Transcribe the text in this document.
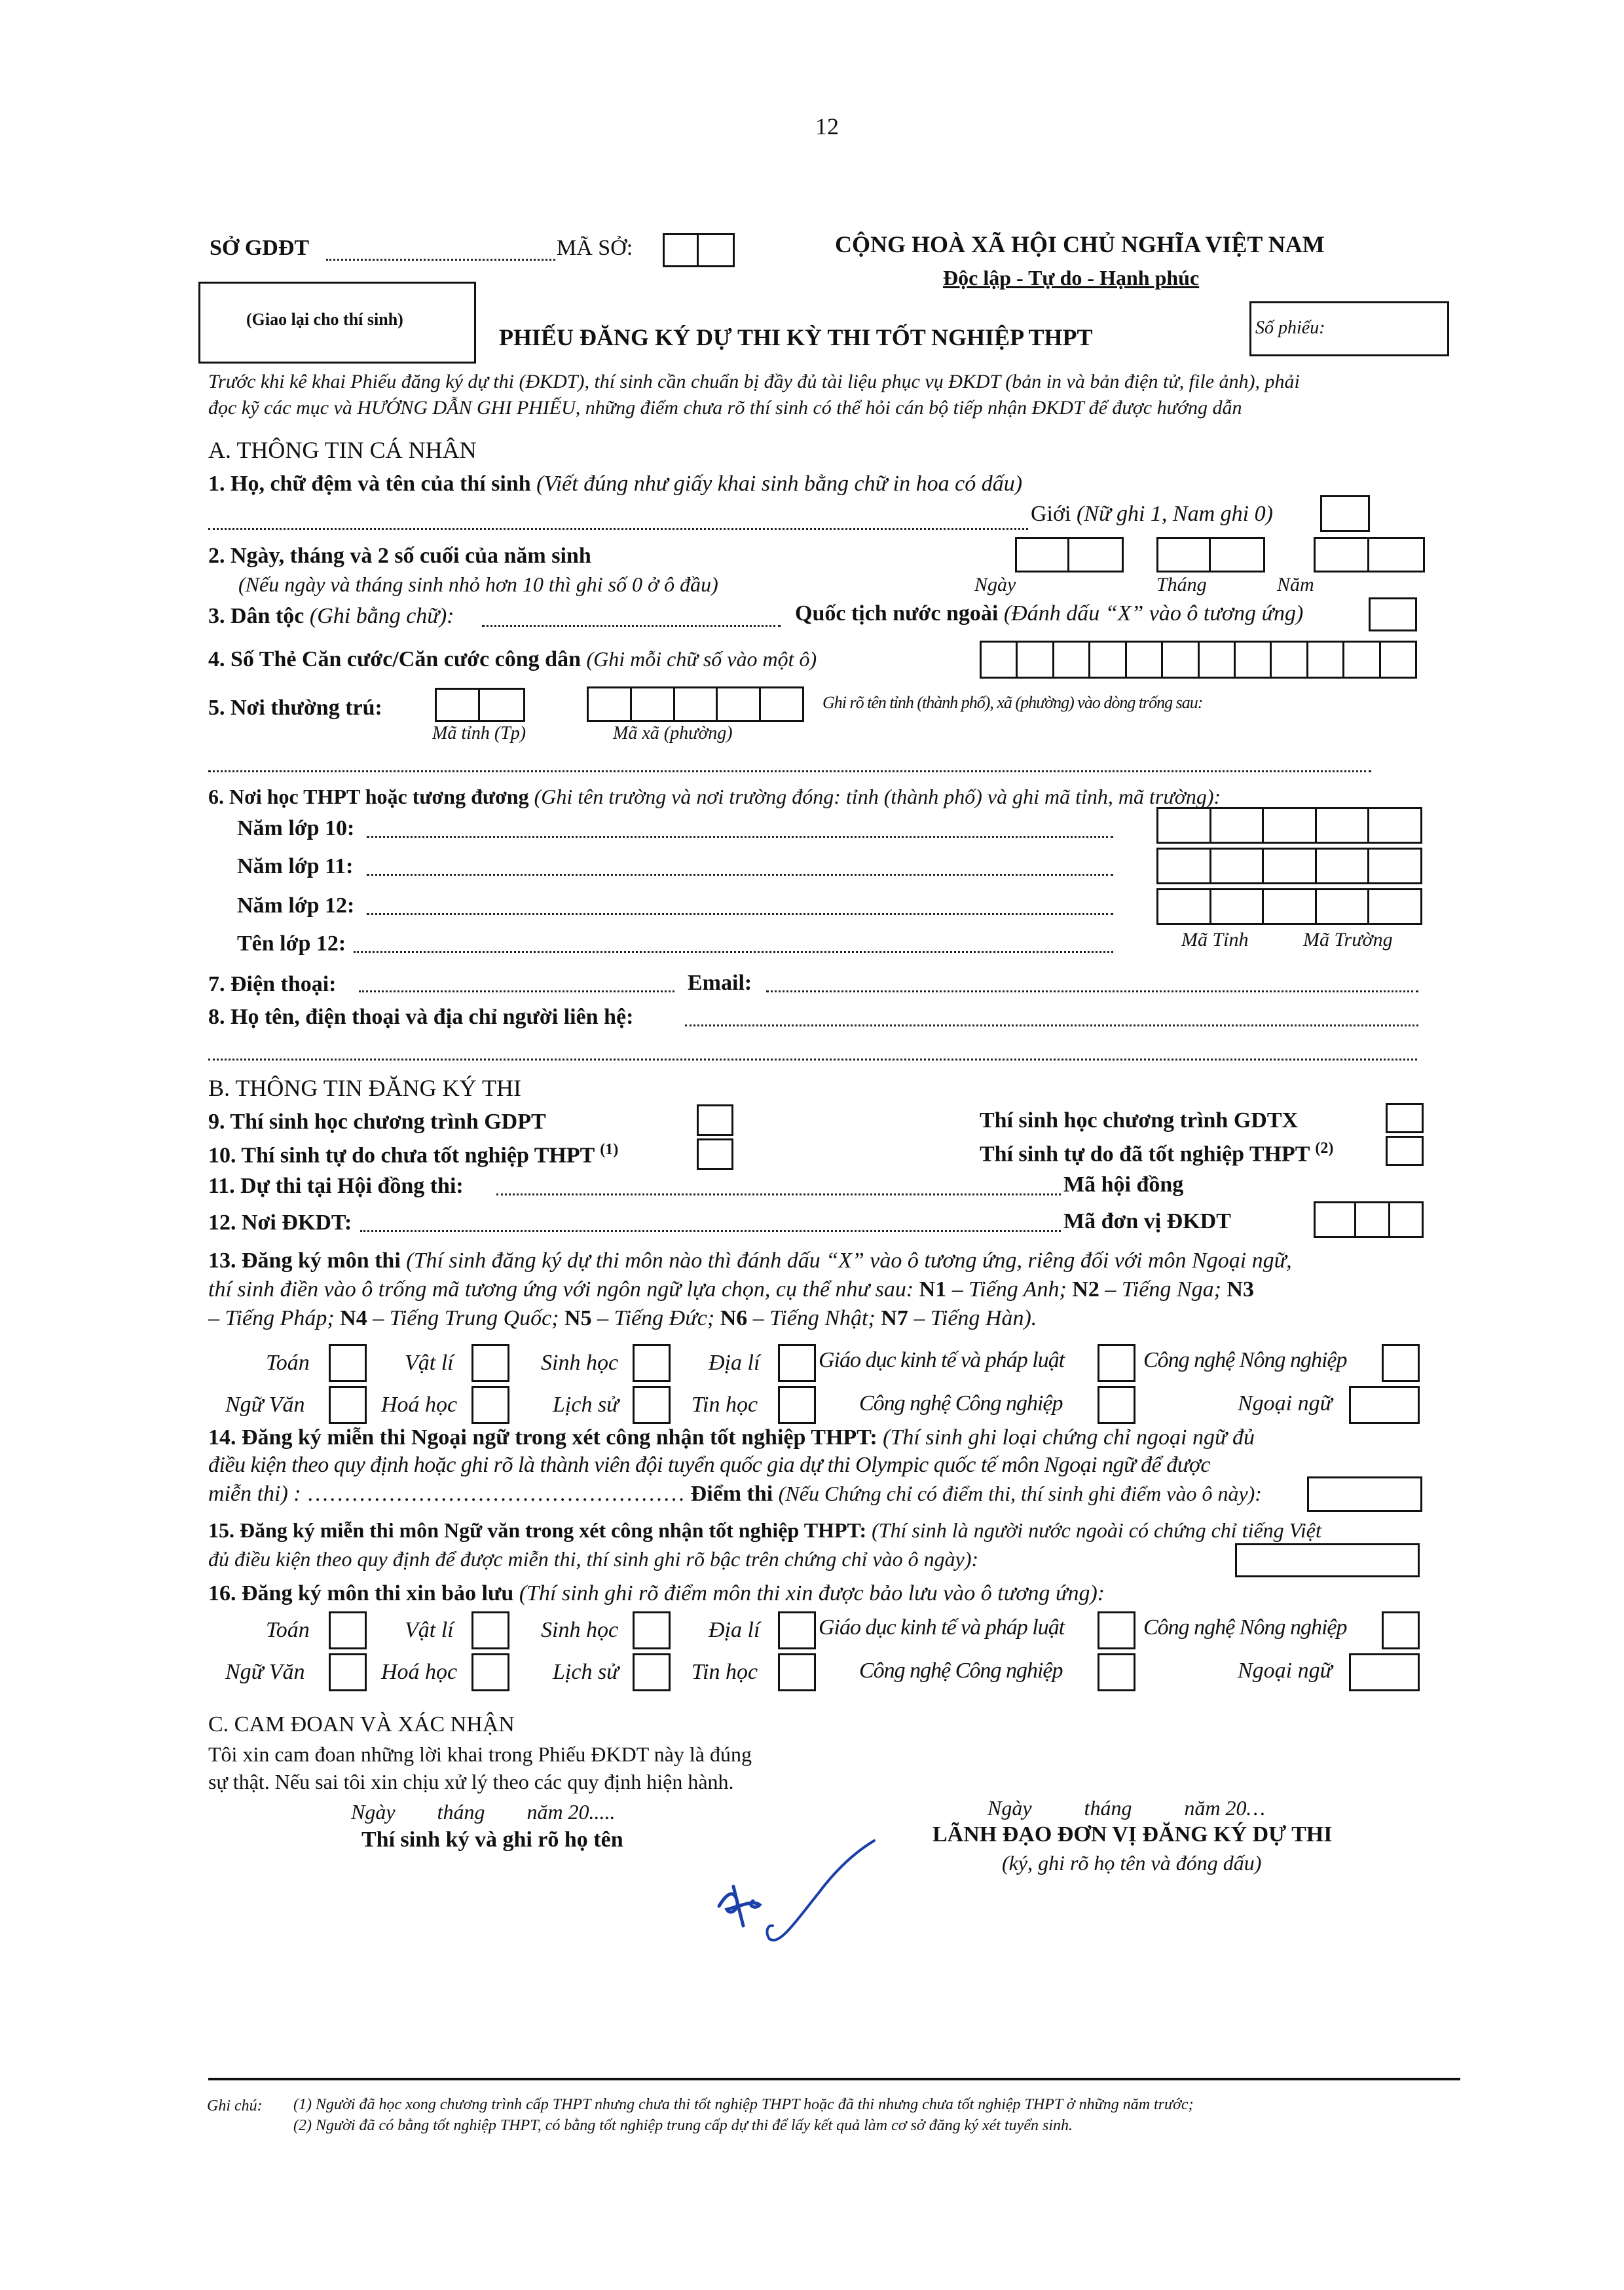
12
SỞ GDĐT	MÃ SỞ:	CỘNG HOÀ XÃ HỘI CHỦ NGHĨA VIỆT NAM
Độc lập - Tự do - Hạnh phúc
(Giao lại cho thí sinh)
PHIẾU ĐĂNG KÝ DỰ THI KỲ THI TỐT NGHIỆP THPT	Số phiếu:
Trước khi kê khai Phiếu đăng ký dự thi (ĐKDT), thí sinh cần chuẩn bị đầy đủ tài liệu phục vụ ĐKDT (bản in và bản điện tử, file ảnh), phải
đọc kỹ các mục và HƯỚNG DẪN GHI PHIẾU, những điểm chưa rõ thí sinh có thể hỏi cán bộ tiếp nhận ĐKDT để được hướng dẫn
A. THÔNG TIN CÁ NHÂN
1. Họ, chữ đệm và tên của thí sinh (Viết đúng như giấy khai sinh bằng chữ in hoa có dấu)
Giới (Nữ ghi 1, Nam ghi 0)
2. Ngày, tháng và 2 số cuối của năm sinh
(Nếu ngày và tháng sinh nhỏ hơn 10 thì ghi số 0 ở ô đầu)	Ngày	Tháng	Năm
3. Dân tộc (Ghi bằng chữ):	Quốc tịch nước ngoài (Đánh dấu “X” vào ô tương ứng)
4. Số Thẻ Căn cước/Căn cước công dân (Ghi mỗi chữ số vào một ô)
5. Nơi thường trú:	Ghi rõ tên tỉnh (thành phố), xã (phường) vào dòng trống sau:
Mã tỉnh (Tp)	Mã xã (phường)
6. Nơi học THPT hoặc tương đương (Ghi tên trường và nơi trường đóng: tỉnh (thành phố) và ghi mã tỉnh, mã trường):
Năm lớp 10:
Năm lớp 11:
Năm lớp 12:
Tên lớp 12:	Mã Tỉnh	Mã Trường
7. Điện thoại:	Email:
8. Họ tên, điện thoại và địa chỉ người liên hệ:
B. THÔNG TIN ĐĂNG KÝ THI
9. Thí sinh học chương trình GDPT	Thí sinh học chương trình GDTX
10. Thí sinh tự do chưa tốt nghiệp THPT $^{(1)}$	Thí sinh tự do đã tốt nghiệp THPT $^{(2)}$
11. Dự thi tại Hội đồng thi:	Mã hội đồng
12. Nơi ĐKDT:	Mã đơn vị ĐKDT
13. Đăng ký môn thi (Thí sinh đăng ký dự thi môn nào thì đánh dấu “X” vào ô tương ứng, riêng đối với môn Ngoại ngữ,
thí sinh điền vào ô trống mã tương ứng với ngôn ngữ lựa chọn, cụ thể như sau: N1 – Tiếng Anh; N2 – Tiếng Nga; N3
– Tiếng Pháp; N4 – Tiếng Trung Quốc; N5 – Tiếng Đức; N6 – Tiếng Nhật; N7 – Tiếng Hàn).
Toán	Vật lí	Sinh học	Địa lí	Giáo dục kinh tế và pháp luật	Công nghệ Nông nghiệp
Ngữ Văn	Hoá học	Lịch sử	Tin học	Công nghệ Công nghiệp	Ngoại ngữ
14. Đăng ký miễn thi Ngoại ngữ trong xét công nhận tốt nghiệp THPT: (Thí sinh ghi loại chứng chỉ ngoại ngữ đủ
điều kiện theo quy định hoặc ghi rõ là thành viên đội tuyển quốc gia dự thi Olympic quốc tế môn Ngoại ngữ để được
miễn thi) : …………………………………………… Điểm thi (Nếu Chứng chỉ có điểm thi, thí sinh ghi điểm vào ô này):
15. Đăng ký miễn thi môn Ngữ văn trong xét công nhận tốt nghiệp THPT: (Thí sinh là người nước ngoài có chứng chỉ tiếng Việt
đủ điều kiện theo quy định để được miễn thi, thí sinh ghi rõ bậc trên chứng chỉ vào ô ngày):
16. Đăng ký môn thi xin bảo lưu (Thí sinh ghi rõ điểm môn thi xin được bảo lưu vào ô tương ứng):
Toán	Vật lí	Sinh học	Địa lí	Giáo dục kinh tế và pháp luật	Công nghệ Nông nghiệp
Ngữ Văn	Hoá học	Lịch sử	Tin học	Công nghệ Công nghiệp	Ngoại ngữ
C. CAM ĐOAN VÀ XÁC NHẬN
Tôi xin cam đoan những lời khai trong Phiếu ĐKDT này là đúng
sự thật. Nếu sai tôi xin chịu xử lý theo các quy định hiện hành.
Ngày        tháng        năm 20.....
Thí sinh ký và ghi rõ họ tên
Ngày          tháng          năm 20…
LÃNH ĐẠO ĐƠN VỊ ĐĂNG KÝ DỰ THI
(ký, ghi rõ họ tên và đóng dấu)
Ghi chú: (1) Người đã học xong chương trình cấp THPT nhưng chưa thi tốt nghiệp THPT hoặc đã thi nhưng chưa tốt nghiệp THPT ở những năm trước;
(2) Người đã có bằng tốt nghiệp THPT, có bằng tốt nghiệp trung cấp dự thi để lấy kết quả làm cơ sở đăng ký xét tuyển sinh.
